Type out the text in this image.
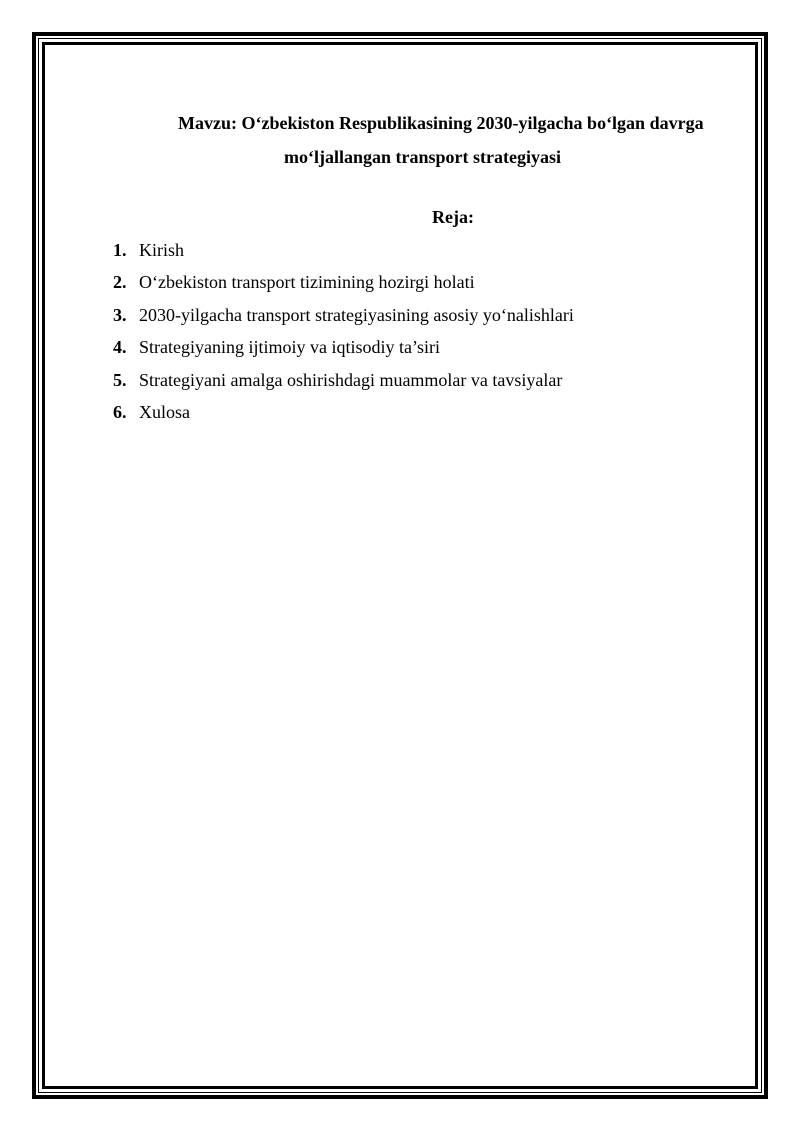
Mavzu: O‘zbekiston Respublikasining 2030-yilgacha bo‘lgan davrga
mo‘ljallangan transport strategiyasi
Reja:
1. Kirish
2. O‘zbekiston transport tizimining hozirgi holati
3. 2030-yilgacha transport strategiyasining asosiy yo‘nalishlari
4. Strategiyaning ijtimoiy va iqtisodiy ta’siri
5. Strategiyani amalga oshirishdagi muammolar va tavsiyalar
6. Xulosa
